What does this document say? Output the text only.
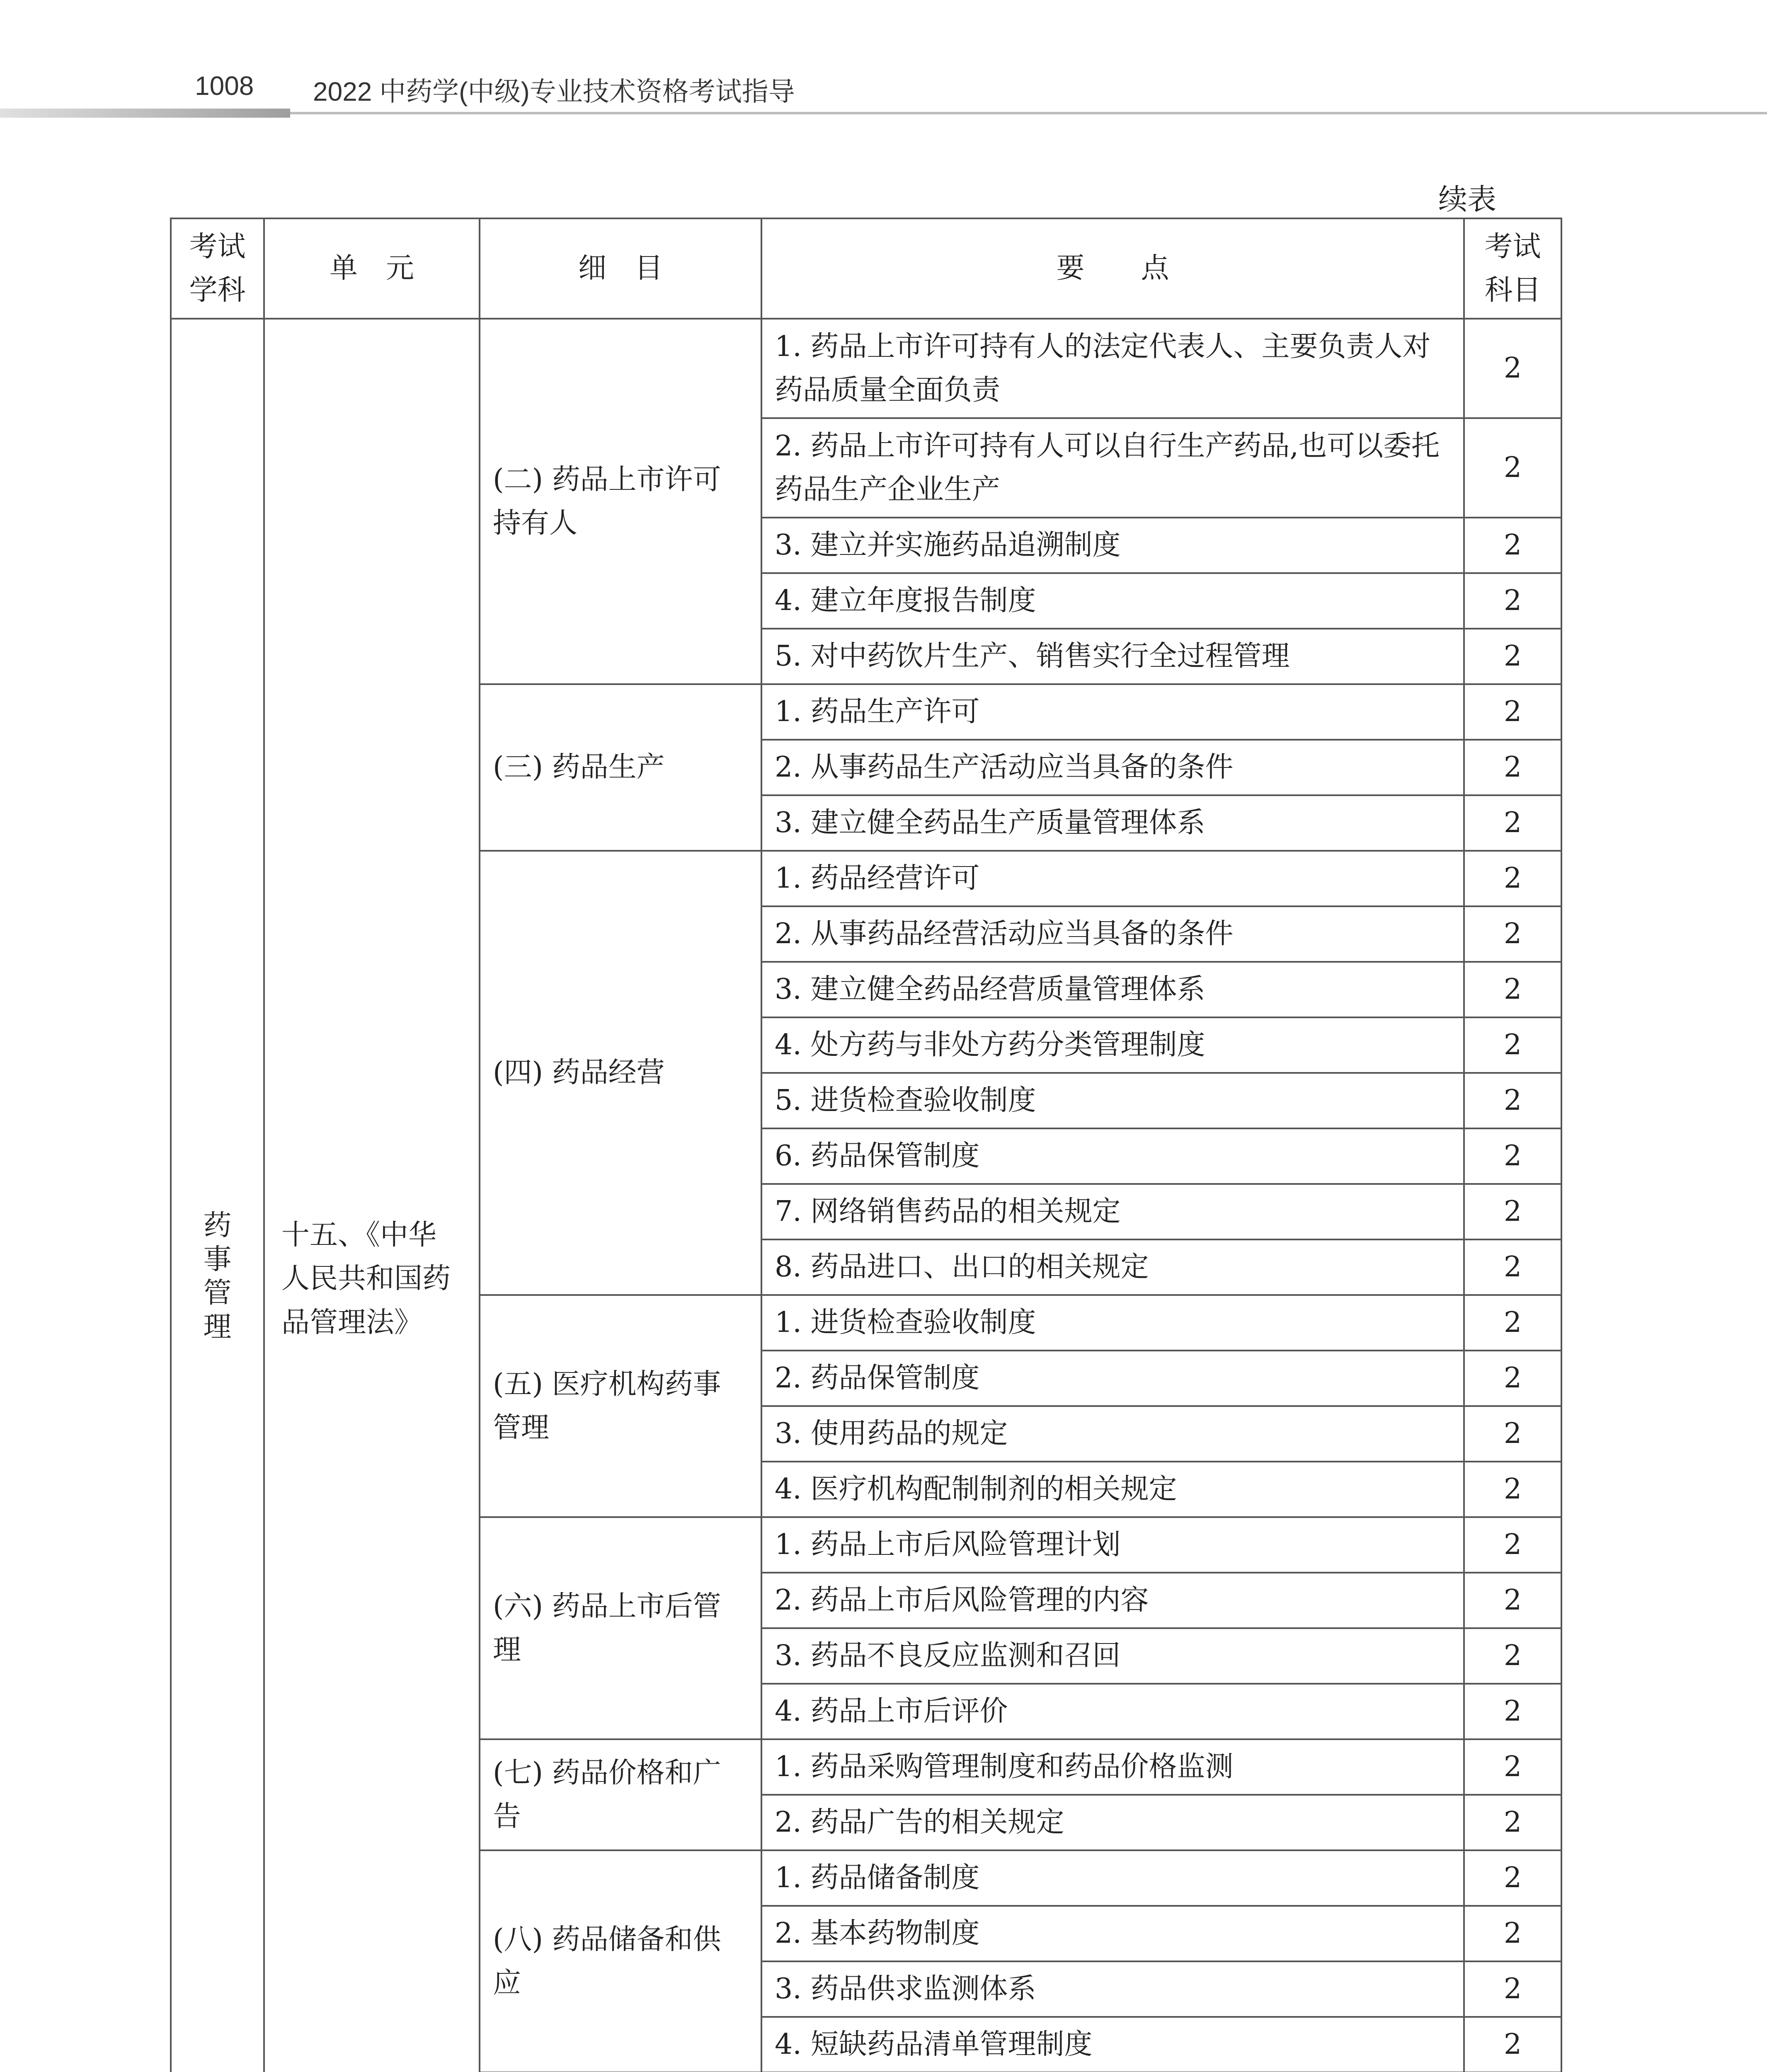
1008 2022 中药学(中级)专业技术资格考试指导
续表
考试学科	单　元	细　目	要　　点	考试科目
药事管理	十五、《中华人民共和国药品管理法》	(二) 药品上市许可持有人	1. 药品上市许可持有人的法定代表人、主要负责人对药品质量全面负责	2
			2. 药品上市许可持有人可以自行生产药品,也可以委托药品生产企业生产	2
			3. 建立并实施药品追溯制度	2
			4. 建立年度报告制度	2
			5. 对中药饮片生产、销售实行全过程管理	2
		(三) 药品生产	1. 药品生产许可	2
			2. 从事药品生产活动应当具备的条件	2
			3. 建立健全药品生产质量管理体系	2
		(四) 药品经营	1. 药品经营许可	2
			2. 从事药品经营活动应当具备的条件	2
			3. 建立健全药品经营质量管理体系	2
			4. 处方药与非处方药分类管理制度	2
			5. 进货检查验收制度	2
			6. 药品保管制度	2
			7. 网络销售药品的相关规定	2
			8. 药品进口、出口的相关规定	2
		(五) 医疗机构药事管理	1. 进货检查验收制度	2
			2. 药品保管制度	2
			3. 使用药品的规定	2
			4. 医疗机构配制制剂的相关规定	2
		(六) 药品上市后管理	1. 药品上市后风险管理计划	2
			2. 药品上市后风险管理的内容	2
			3. 药品不良反应监测和召回	2
			4. 药品上市后评价	2
		(七) 药品价格和广告	1. 药品采购管理制度和药品价格监测	2
			2. 药品广告的相关规定	2
		(八) 药品储备和供应	1. 药品储备制度	2
			2. 基本药物制度	2
			3. 药品供求监测体系	2
			4. 短缺药品清单管理制度	2
